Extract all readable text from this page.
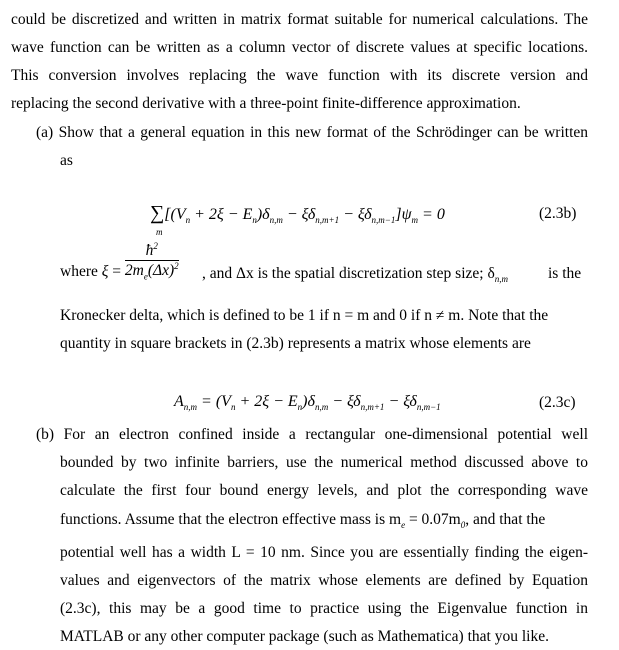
could be discretized and written in matrix format suitable for numerical calculations. The
wave function can be written as a column vector of discrete values at specific locations.
This conversion involves replacing the wave function with its discrete version and
replacing the second derivative with a three-point finite-difference approximation.
(a) Show that a general equation in this new format of the Schrödinger can be written
as
$\sum[(V_n + 2\xi - E_n)\delta_{n,m} - \xi\delta_{n,m+1} - \xi\delta_{n,m-1}]\psi_m = 0$
m
(2.3b)
where $\xi = \frac{ħ^2}{2m_e(\Delta x)^2}$ , and Δx is the spatial discretization step size; $\delta_{n,m}$	is the
Kronecker delta, which is defined to be 1 if n = m and 0 if n ≠ m. Note that the
quantity in square brackets in (2.3b) represents a matrix whose elements are
$A_{n,m} = (V_n + 2\xi - E_n)\delta_{n,m} - \xi\delta_{n,m+1} - \xi\delta_{n,m-1}$	(2.3c)
(b) For an electron confined inside a rectangular one-dimensional potential well
bounded by two infinite barriers, use the numerical method discussed above to
calculate the first four bound energy levels, and plot the corresponding wave
functions. Assume that the electron effective mass is $m_e = 0.07m_0$, and that the
potential well has a width L = 10 nm. Since you are essentially finding the eigen-
values and eigenvectors of the matrix whose elements are defined by Equation
(2.3c), this may be a good time to practice using the Eigenvalue function in
MATLAB or any other computer package (such as Mathematica) that you like.
